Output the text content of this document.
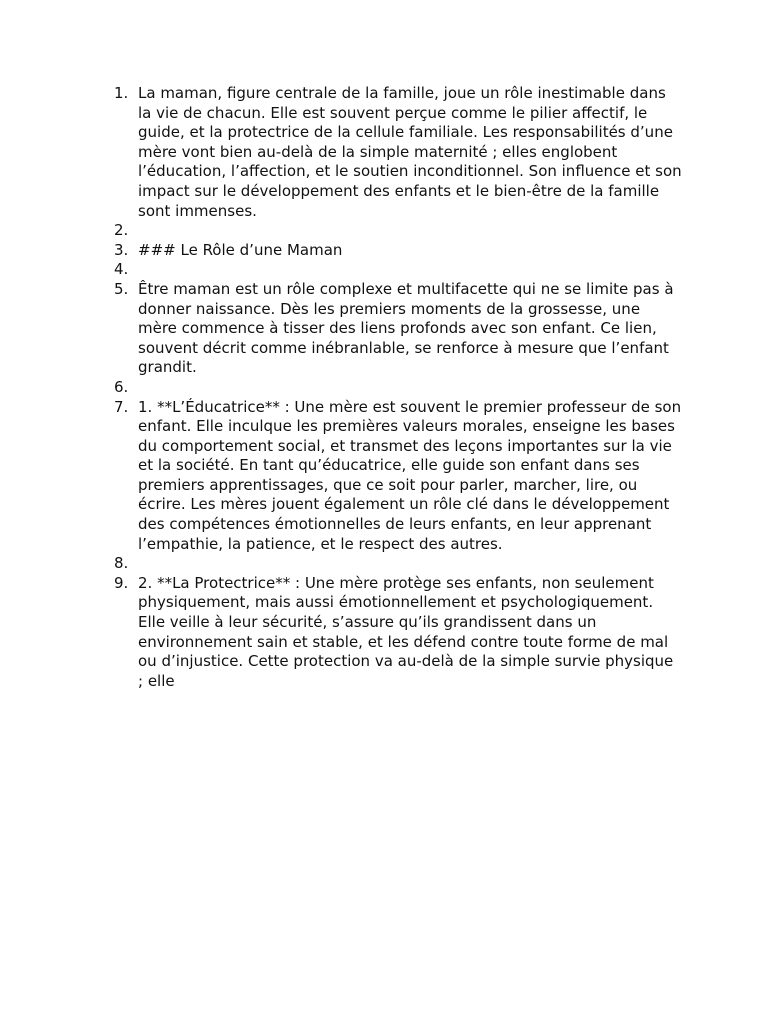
1. La maman, figure centrale de la famille, joue un rôle inestimable dans la vie de chacun. Elle est souvent perçue comme le pilier affectif, le guide, et la protectrice de la cellule familiale. Les responsabilités d’une mère vont bien au-delà de la simple maternité ; elles englobent l’éducation, l’affection, et le soutien inconditionnel. Son influence et son impact sur le développement des enfants et le bien-être de la famille sont immenses.
2.
3. ### Le Rôle d’une Maman
4.
5. Être maman est un rôle complexe et multifacette qui ne se limite pas à donner naissance. Dès les premiers moments de la grossesse, une mère commence à tisser des liens profonds avec son enfant. Ce lien, souvent décrit comme inébranlable, se renforce à mesure que l’enfant grandit.
6.
7. 1. **L’Éducatrice** : Une mère est souvent le premier professeur de son enfant. Elle inculque les premières valeurs morales, enseigne les bases du comportement social, et transmet des leçons importantes sur la vie et la société. En tant qu’éducatrice, elle guide son enfant dans ses premiers apprentissages, que ce soit pour parler, marcher, lire, ou écrire. Les mères jouent également un rôle clé dans le développement des compétences émotionnelles de leurs enfants, en leur apprenant l’empathie, la patience, et le respect des autres.
8.
9. 2. **La Protectrice** : Une mère protège ses enfants, non seulement physiquement, mais aussi émotionnellement et psychologiquement. Elle veille à leur sécurité, s’assure qu’ils grandissent dans un environnement sain et stable, et les défend contre toute forme de mal ou d’injustice. Cette protection va au-delà de la simple survie physique ; elle
